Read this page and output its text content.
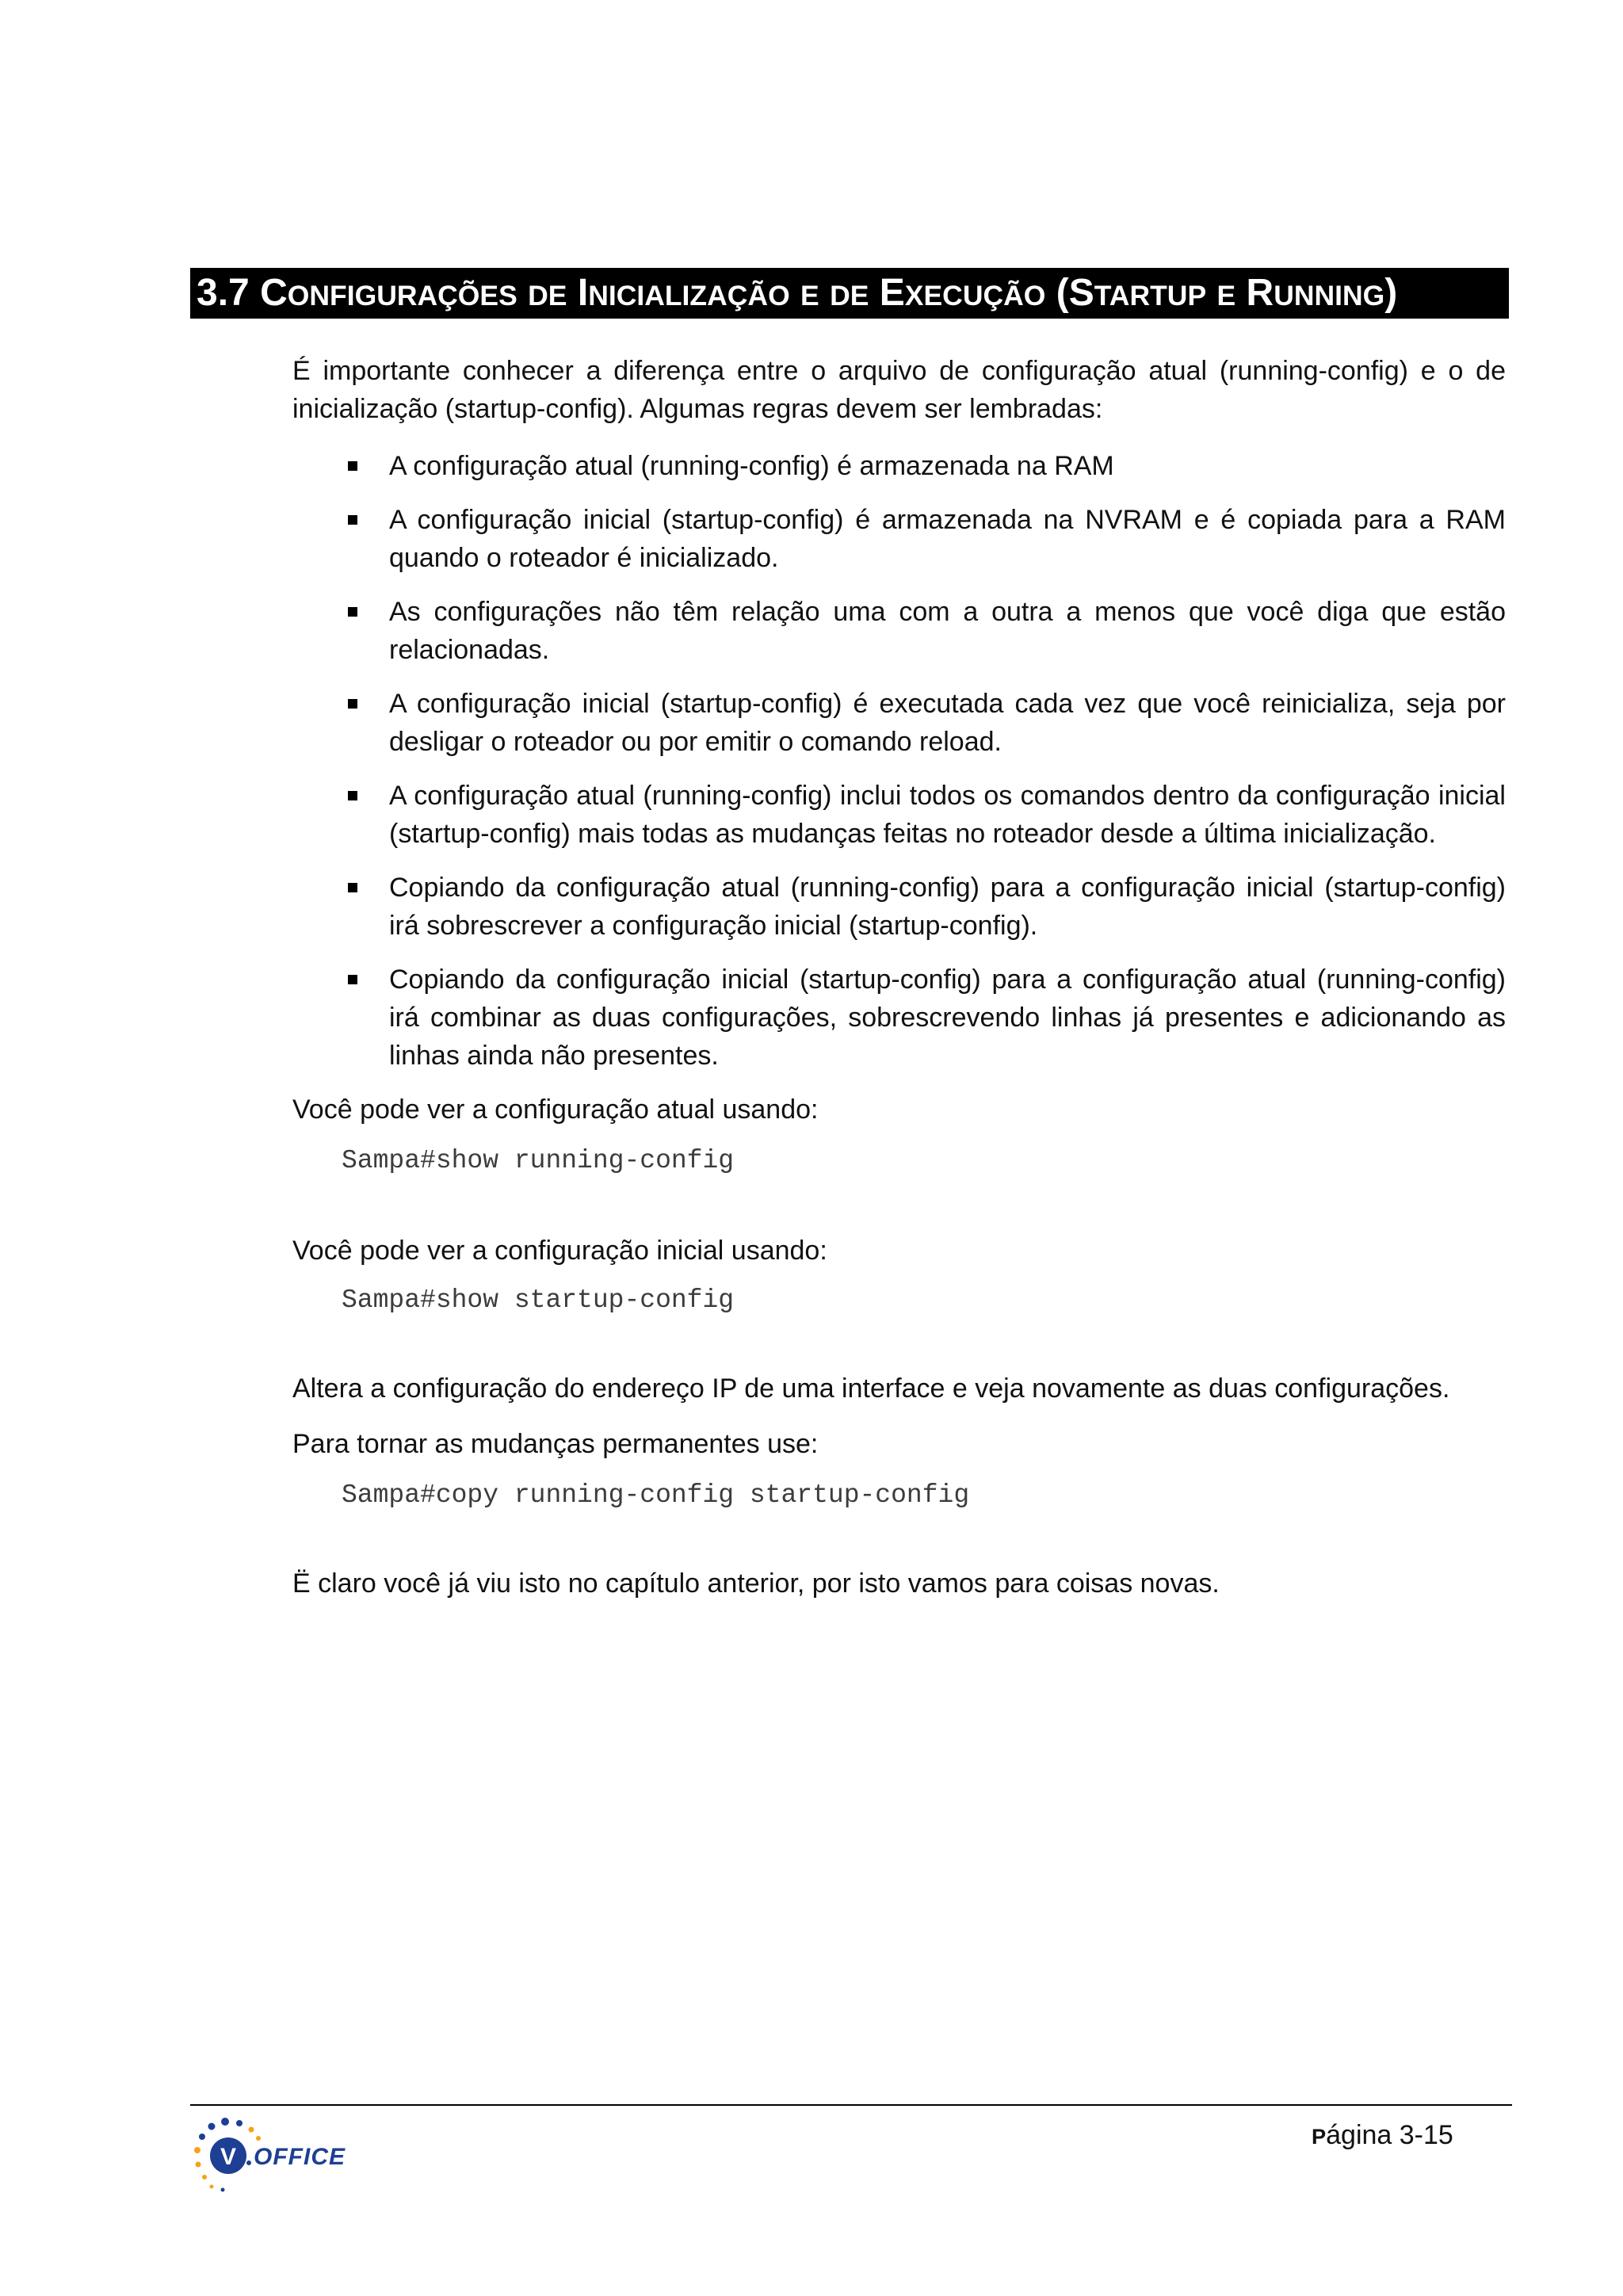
3.7 CONFIGURAÇÕES DE INICIALIZAÇÃO E DE EXECUÇÃO (STARTUP E RUNNING)

É importante conhecer a diferença entre o arquivo de configuração atual (running-config) e o de inicialização (startup-config). Algumas regras devem ser lembradas:

A configuração atual (running-config) é armazenada na RAM
A configuração inicial (startup-config) é armazenada na NVRAM e é copiada para a RAM quando o roteador é inicializado.
As configurações não têm relação uma com a outra a menos que você diga que estão relacionadas.
A configuração inicial (startup-config) é executada cada vez que você reinicializa, seja por desligar o roteador ou por emitir o comando reload.
A configuração atual (running-config) inclui todos os comandos dentro da configuração inicial (startup-config) mais todas as mudanças feitas no roteador desde a última inicialização.
Copiando da configuração atual (running-config) para a configuração inicial (startup-config) irá sobrescrever a configuração inicial (startup-config).
Copiando da configuração inicial (startup-config) para a configuração atual (running-config) irá combinar as duas configurações, sobrescrevendo linhas já presentes e adicionando as linhas ainda não presentes.

Você pode ver a configuração atual usando:

Sampa#show running-config

Você pode ver a configuração inicial usando:

Sampa#show startup-config

Altera a configuração do endereço IP de uma interface e veja novamente as duas configurações.

Para tornar as mudanças permanentes use:

Sampa#copy running-config startup-config

Ë claro você já viu isto no capítulo anterior, por isto vamos para coisas novas.

V OFFICE
Página 3-15
